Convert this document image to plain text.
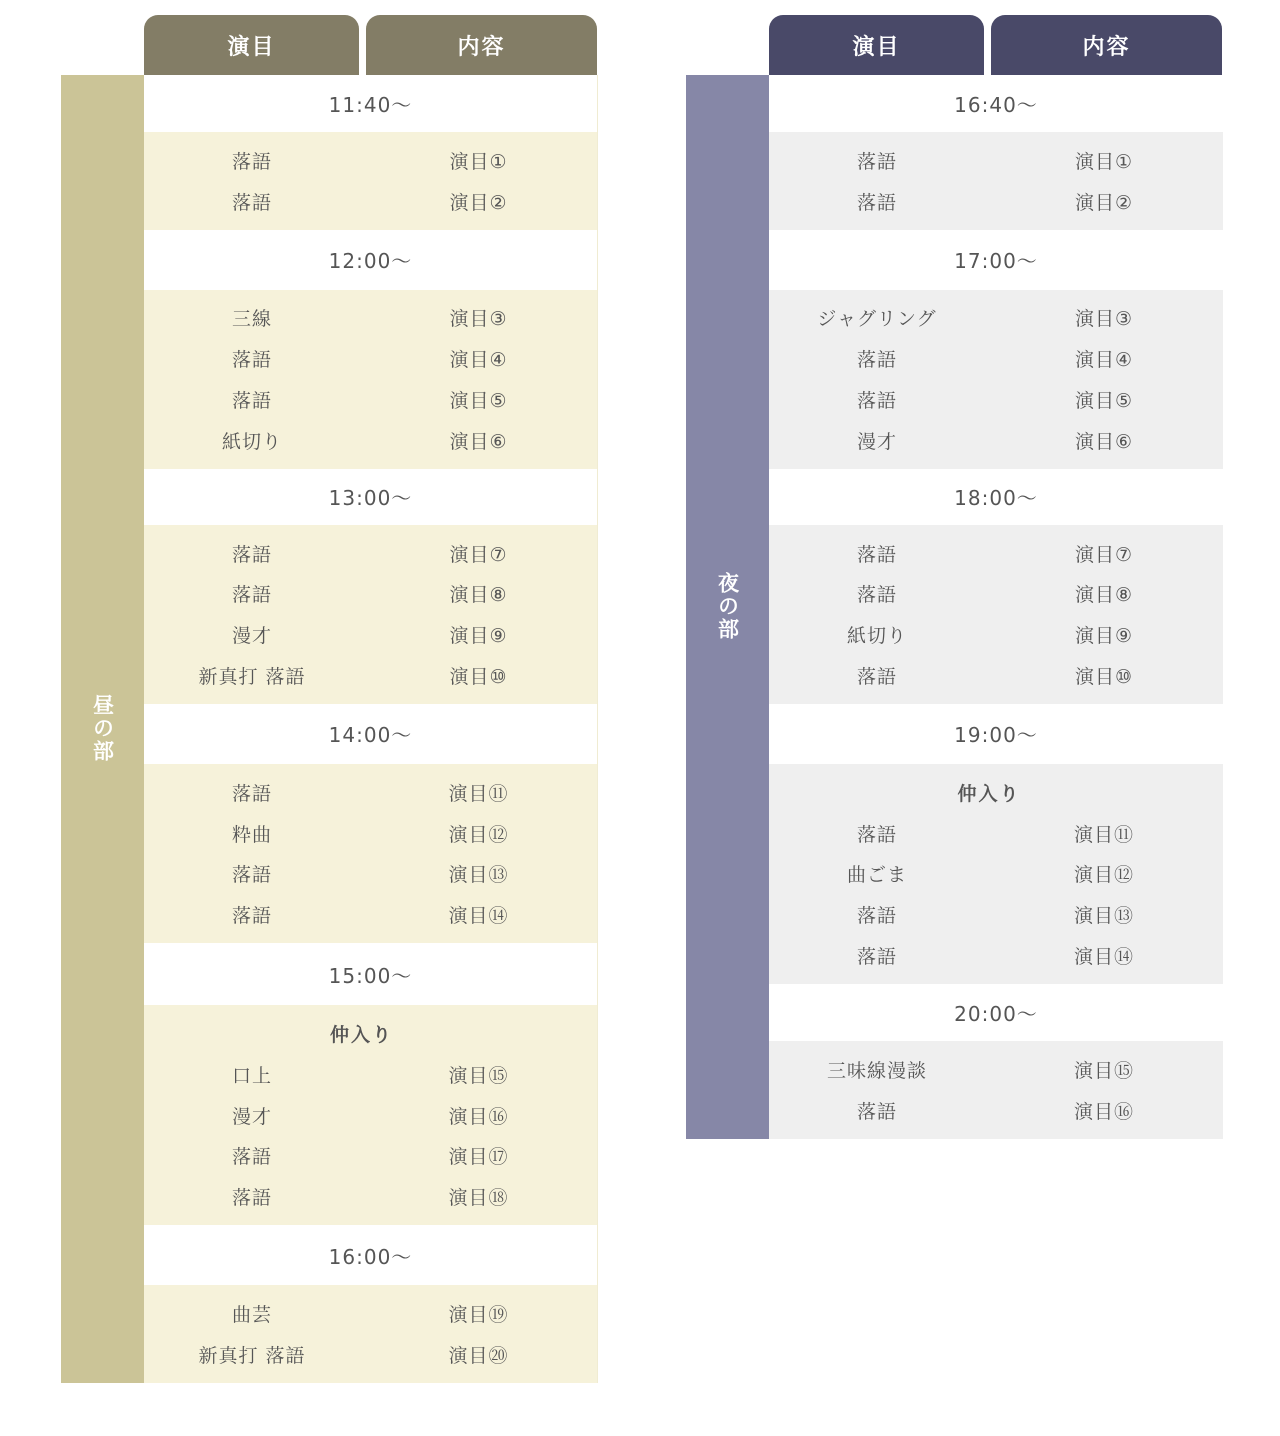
演目	内容
昼の部
11:40〜
落語	演目①
落語	演目②
12:00〜
三線	演目③
落語	演目④
落語	演目⑤
紙切り	演目⑥
13:00〜
落語	演目⑦
落語	演目⑧
漫才	演目⑨
新真打 落語	演目⑩
14:00〜
落語	演目⑪
粋曲	演目⑫
落語	演目⑬
落語	演目⑭
15:00〜
仲入り
口上	演目⑮
漫才	演目⑯
落語	演目⑰
落語	演目⑱
16:00〜
曲芸	演目⑲
新真打 落語	演目⑳
演目	内容
夜の部
16:40〜
落語	演目①
落語	演目②
17:00〜
ジャグリング	演目③
落語	演目④
落語	演目⑤
漫才	演目⑥
18:00〜
落語	演目⑦
落語	演目⑧
紙切り	演目⑨
落語	演目⑩
19:00〜
仲入り
落語	演目⑪
曲ごま	演目⑫
落語	演目⑬
落語	演目⑭
20:00〜
三味線漫談	演目⑮
落語	演目⑯
